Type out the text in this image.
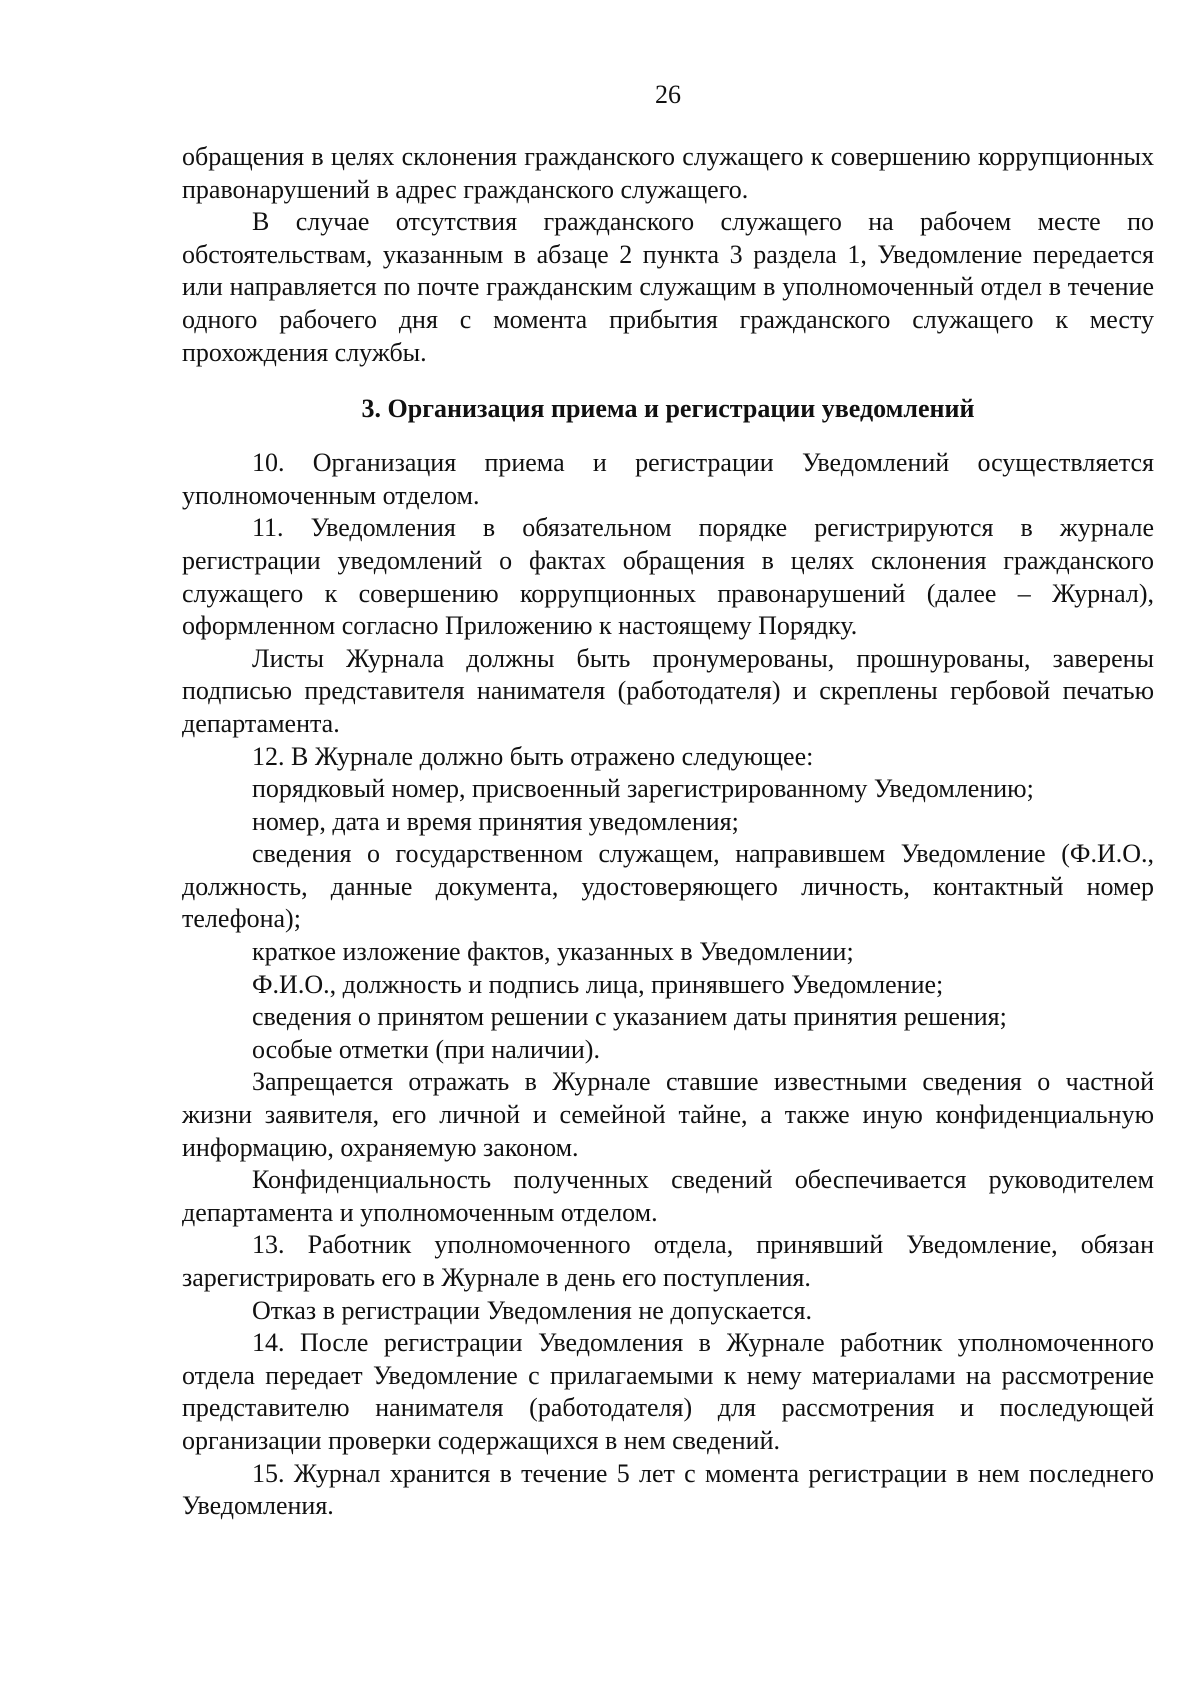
26

обращения в целях склонения гражданского служащего к совершению коррупционных правонарушений в адрес гражданского служащего.

В случае отсутствия гражданского служащего на рабочем месте по обстоятельствам, указанным в абзаце 2 пункта 3 раздела 1, Уведомление передается или направляется по почте гражданским служащим в уполномоченный отдел в течение одного рабочего дня с момента прибытия гражданского служащего к месту прохождения службы.

3. Организация приема и регистрации уведомлений

10. Организация приема и регистрации Уведомлений осуществляется уполномоченным отделом.

11. Уведомления в обязательном порядке регистрируются в журнале регистрации уведомлений о фактах обращения в целях склонения гражданского служащего к совершению коррупционных правонарушений (далее – Журнал), оформленном согласно Приложению к настоящему Порядку.

Листы Журнала должны быть пронумерованы, прошнурованы, заверены подписью представителя нанимателя (работодателя) и скреплены гербовой печатью департамента.

12. В Журнале должно быть отражено следующее:

порядковый номер, присвоенный зарегистрированному Уведомлению;

номер, дата и время принятия уведомления;

сведения о государственном служащем, направившем Уведомление (Ф.И.О., должность, данные документа, удостоверяющего личность, контактный номер телефона);

краткое изложение фактов, указанных в Уведомлении;

Ф.И.О., должность и подпись лица, принявшего Уведомление;

сведения о принятом решении с указанием даты принятия решения;

особые отметки (при наличии).

Запрещается отражать в Журнале ставшие известными сведения о частной жизни заявителя, его личной и семейной тайне, а также иную конфиденциальную информацию, охраняемую законом.

Конфиденциальность полученных сведений обеспечивается руководителем департамента и уполномоченным отделом.

13. Работник уполномоченного отдела, принявший Уведомление, обязан зарегистрировать его в Журнале в день его поступления.

Отказ в регистрации Уведомления не допускается.

14. После регистрации Уведомления в Журнале работник уполномоченного отдела передает Уведомление с прилагаемыми к нему материалами на рассмотрение представителю нанимателя (работодателя) для рассмотрения и последующей организации проверки содержащихся в нем сведений.

15. Журнал хранится в течение 5 лет с момента регистрации в нем последнего Уведомления.
